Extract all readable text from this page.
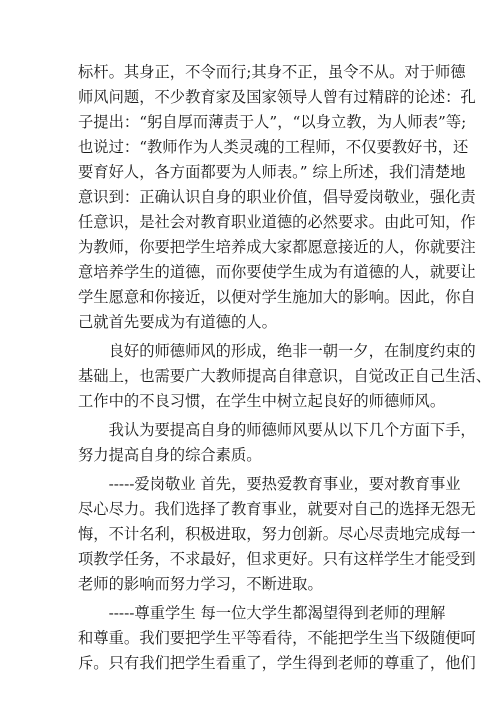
标杆。其身正，不令而行;其身不正，虽令不从。对于师德
师风问题，不少教育家及国家领导人曾有过精辟的论述：孔
子提出：“躬自厚而薄责于人”，“以身立教，为人师表”等;
也说过：“教师作为人类灵魂的工程师，不仅要教好书，还
要育好人，各方面都要为人师表。” 综上所述，我们清楚地
意识到：正确认识自身的职业价值，倡导爱岗敬业，强化责
任意识，是社会对教育职业道德的必然要求。由此可知，作
为教师，你要把学生培养成大家都愿意接近的人，你就要注
意培养学生的道德，而你要使学生成为有道德的人，就要让
学生愿意和你接近，以便对学生施加大的影响。因此，你自
己就首先要成为有道德的人。
　　良好的师德师风的形成，绝非一朝一夕，在制度约束的
基础上，也需要广大教师提高自律意识，自觉改正自己生活、
工作中的不良习惯，在学生中树立起良好的师德师风。
　　我认为要提高自身的师德师风要从以下几个方面下手，
努力提高自身的综合素质。
　　-----爱岗敬业 首先，要热爱教育事业，要对教育事业
尽心尽力。我们选择了教育事业，就要对自己的选择无怨无
悔，不计名利，积极进取，努力创新。尽心尽责地完成每一
项教学任务，不求最好，但求更好。只有这样学生才能受到
老师的影响而努力学习，不断进取。
　　-----尊重学生 每一位大学生都渴望得到老师的理解
和尊重。我们要把学生平等看待，不能把学生当下级随便呵
斥。只有我们把学生看重了，学生得到老师的尊重了，他们
